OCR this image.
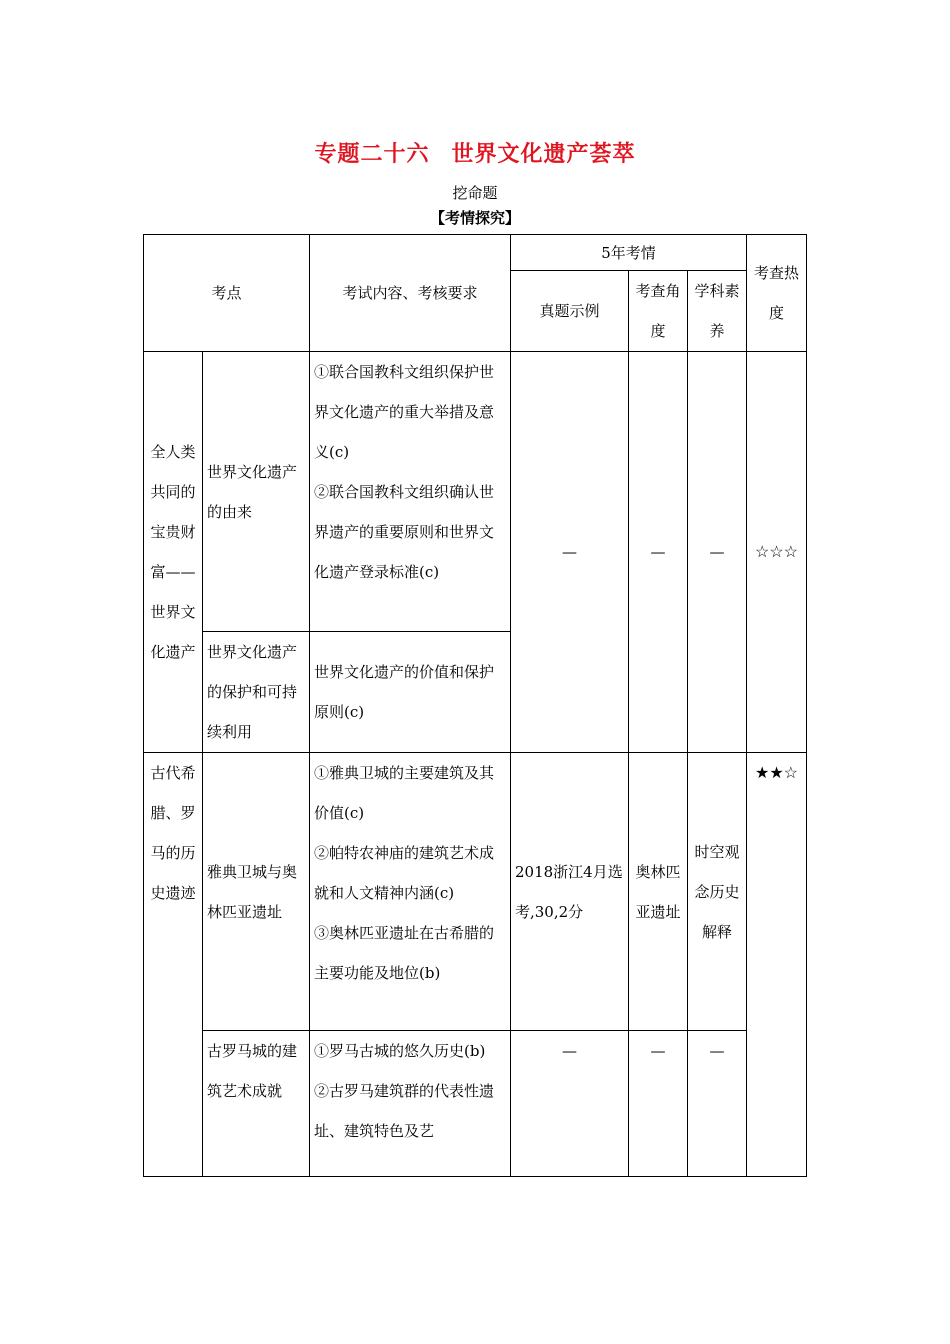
专题二十六 世界文化遗产荟萃
挖命题
【考情探究】
考点		考试内容、考核要求	5年考情			考查热度
			真题示例	考查角度	学科素养	
全人类共同的宝贵财富——世界文化遗产	世界文化遗产的由来	①联合国教科文组织保护世界文化遗产的重大举措及意义(c)
②联合国教科文组织确认世界遗产的重要原则和世界文化遗产登录标准(c)	—	—	—	☆☆☆
	世界文化遗产的保护和可持续利用	世界文化遗产的价值和保护原则(c)				
古代希腊、罗马的历史遗迹	雅典卫城与奥林匹亚遗址	①雅典卫城的主要建筑及其价值(c)
②帕特农神庙的建筑艺术成就和人文精神内涵(c)
③奥林匹亚遗址在古希腊的主要功能及地位(b)	2018浙江4月选考,30,2分	奥林匹亚遗址	时空观念历史解释	★★☆
	古罗马城的建筑艺术成就	①罗马古城的悠久历史(b)
②古罗马建筑群的代表性遗址、建筑特色及艺	—	—	—	
